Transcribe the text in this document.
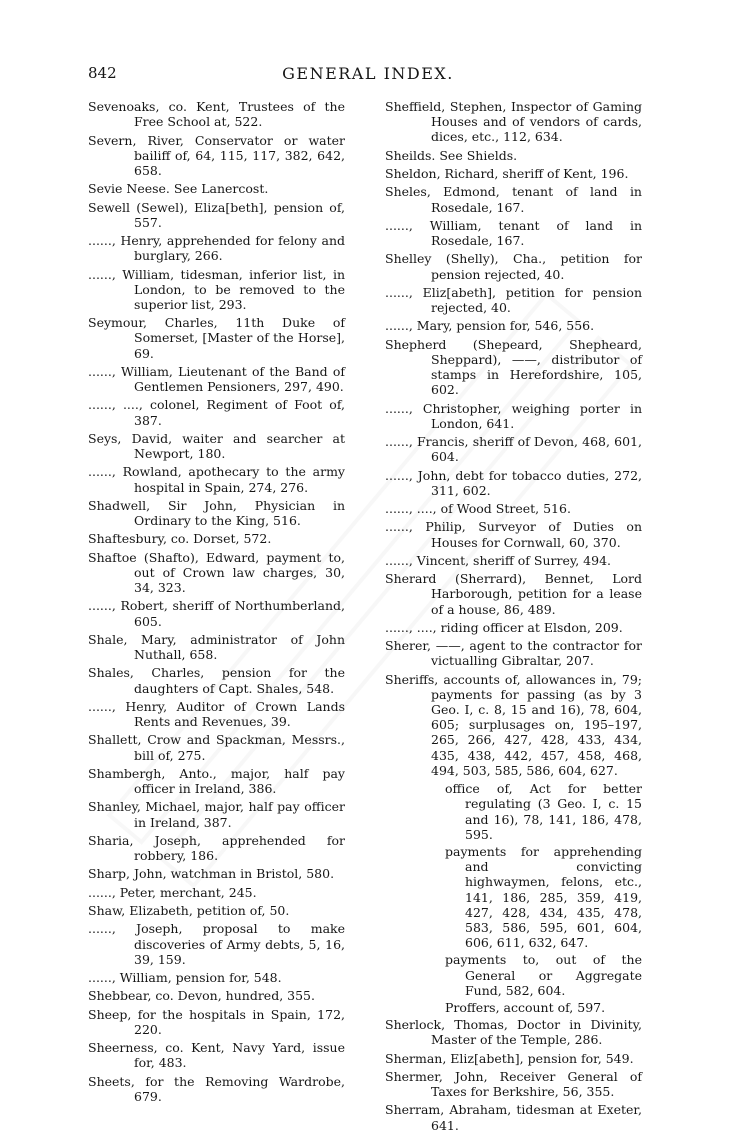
842	GENERAL INDEX.

Sevenoaks, co. Kent, Trustees of the Free School at, 522.

Severn, River, Conservator or water bailiff of, 64, 115, 117, 382, 642, 658.

Sevie Neese. See Lanercost.

Sewell (Sewel), Eliza[beth], pension of, 557.

......, Henry, apprehended for felony and burglary, 266.

......, William, tidesman, inferior list, in London, to be removed to the superior list, 293.

Seymour, Charles, 11th Duke of Somerset, [Master of the Horse], 69.

......, William, Lieutenant of the Band of Gentlemen Pensioners, 297, 490.

......, ...., colonel, Regiment of Foot of, 387.

Seys, David, waiter and searcher at Newport, 180.

......, Rowland, apothecary to the army hospital in Spain, 274, 276.

Shadwell, Sir John, Physician in Ordinary to the King, 516.

Shaftesbury, co. Dorset, 572.

Shaftoe (Shafto), Edward, payment to, out of Crown law charges, 30, 34, 323.

......, Robert, sheriff of Northumberland, 605.

Shale, Mary, administrator of John Nuthall, 658.

Shales, Charles, pension for the daughters of Capt. Shales, 548.

......, Henry, Auditor of Crown Lands Rents and Revenues, 39.

Shallett, Crow and Spackman, Messrs., bill of, 275.

Shambergh, Anto., major, half pay officer in Ireland, 386.

Shanley, Michael, major, half pay officer in Ireland, 387.

Sharia, Joseph, apprehended for robbery, 186.

Sharp, John, watchman in Bristol, 580.

......, Peter, merchant, 245.

Shaw, Elizabeth, petition of, 50.

......, Joseph, proposal to make discoveries of Army debts, 5, 16, 39, 159.

......, William, pension for, 548.

Shebbear, co. Devon, hundred, 355.

Sheep, for the hospitals in Spain, 172, 220.

Sheerness, co. Kent, Navy Yard, issue for, 483.

Sheets, for the Removing Wardrobe, 679.

Sheffield, Stephen, Inspector of Gaming Houses and of vendors of cards, dices, etc., 112, 634.

Sheilds. See Shields.

Sheldon, Richard, sheriff of Kent, 196.

Sheles, Edmond, tenant of land in Rosedale, 167.

......, William, tenant of land in Rosedale, 167.

Shelley (Shelly), Cha., petition for pension rejected, 40.

......, Eliz[abeth], petition for pension rejected, 40.

......, Mary, pension for, 546, 556.

Shepherd (Shepeard, Shepheard, Sheppard), ——, distributor of stamps in Herefordshire, 105, 602.

......, Christopher, weighing porter in London, 641.

......, Francis, sheriff of Devon, 468, 601, 604.

......, John, debt for tobacco duties, 272, 311, 602.

......, ...., of Wood Street, 516.

......, Philip, Surveyor of Duties on Houses for Cornwall, 60, 370.

......, Vincent, sheriff of Surrey, 494.

Sherard (Sherrard), Bennet, Lord Harborough, petition for a lease of a house, 86, 489.

......, ...., riding officer at Elsdon, 209.

Sherer, ——, agent to the contractor for victualling Gibraltar, 207.

Sheriffs, accounts of, allowances in, 79; payments for passing (as by 3 Geo. I, c. 8, 15 and 16), 78, 604, 605; surplusages on, 195–197, 265, 266, 427, 428, 433, 434, 435, 438, 442, 457, 458, 468, 494, 503, 585, 586, 604, 627.

office of, Act for better regulating (3 Geo. I, c. 15 and 16), 78, 141, 186, 478, 595.

payments for apprehending and convicting highwaymen, felons, etc., 141, 186, 285, 359, 419, 427, 428, 434, 435, 478, 583, 586, 595, 601, 604, 606, 611, 632, 647.

payments to, out of the General or Aggregate Fund, 582, 604.

Proffers, account of, 597.

Sherlock, Thomas, Doctor in Divinity, Master of the Temple, 286.

Sherman, Eliz[abeth], pension for, 549.

Shermer, John, Receiver General of Taxes for Berkshire, 56, 355.

Sherram, Abraham, tidesman at Exeter, 641.
